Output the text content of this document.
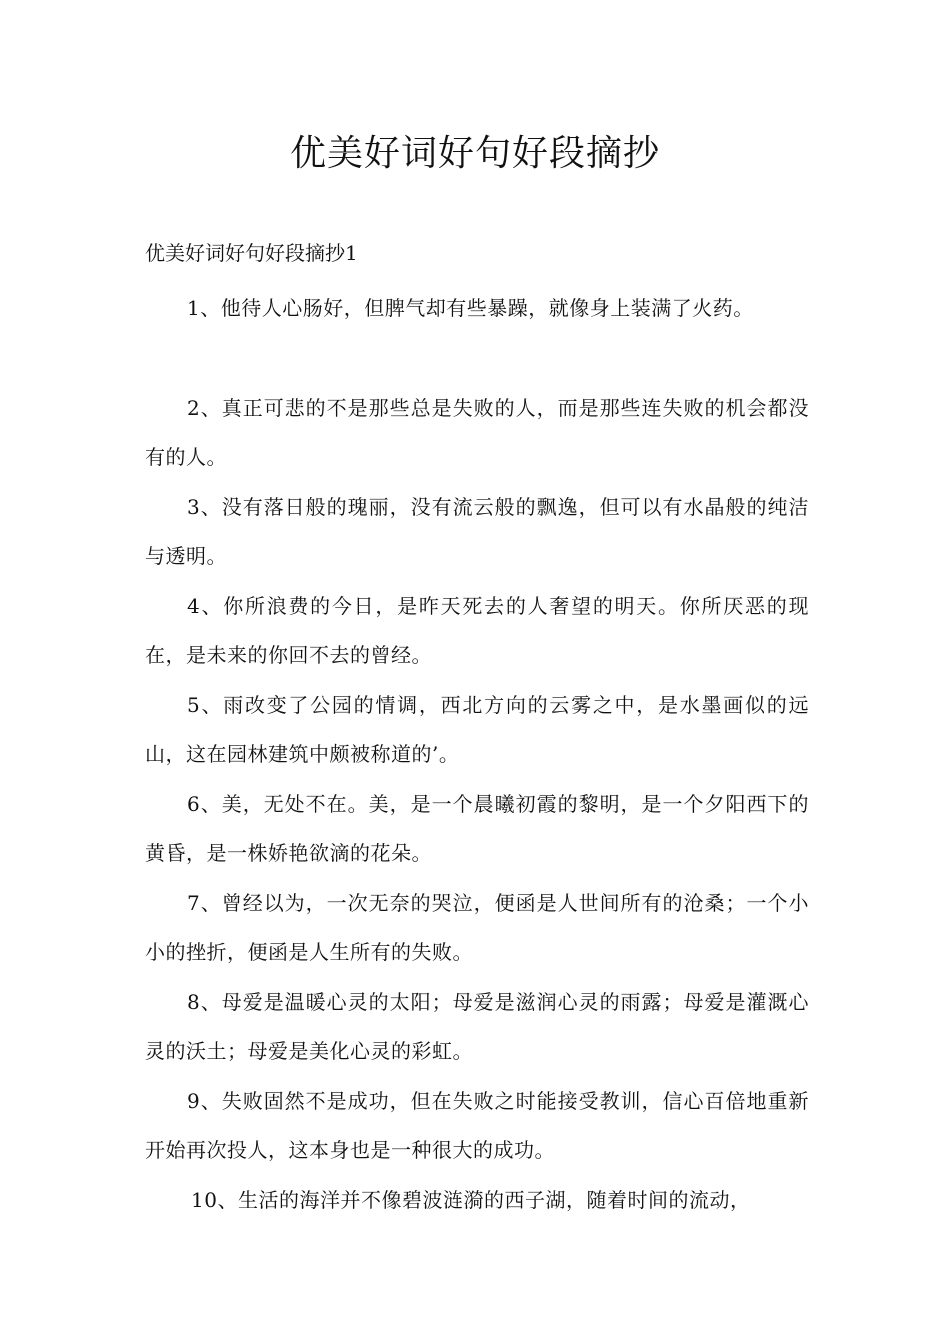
优美好词好句好段摘抄

优美好词好句好段摘抄1

1、他待人心肠好，但脾气却有些暴躁，就像身上装满了火药。

2、真正可悲的不是那些总是失败的人，而是那些连失败的机会都没有的人。

3、没有落日般的瑰丽，没有流云般的飘逸，但可以有水晶般的纯洁与透明。

4、你所浪费的今日，是昨天死去的人奢望的明天。你所厌恶的现在，是未来的你回不去的曾经。

5、雨改变了公园的情调，西北方向的云雾之中，是水墨画似的远山，这在园林建筑中颇被称道的’。

6、美，无处不在。美，是一个晨曦初霞的黎明，是一个夕阳西下的黄昏，是一株娇艳欲滴的花朵。

7、曾经以为，一次无奈的哭泣，便函是人世间所有的沧桑；一个小小的挫折，便函是人生所有的失败。

8、母爱是温暖心灵的太阳；母爱是滋润心灵的雨露；母爱是灌溉心灵的沃土；母爱是美化心灵的彩虹。

9、失败固然不是成功，但在失败之时能接受教训，信心百倍地重新开始再次投人，这本身也是一种很大的成功。

10、生活的海洋并不像碧波涟漪的西子湖，随着时间的流动，
